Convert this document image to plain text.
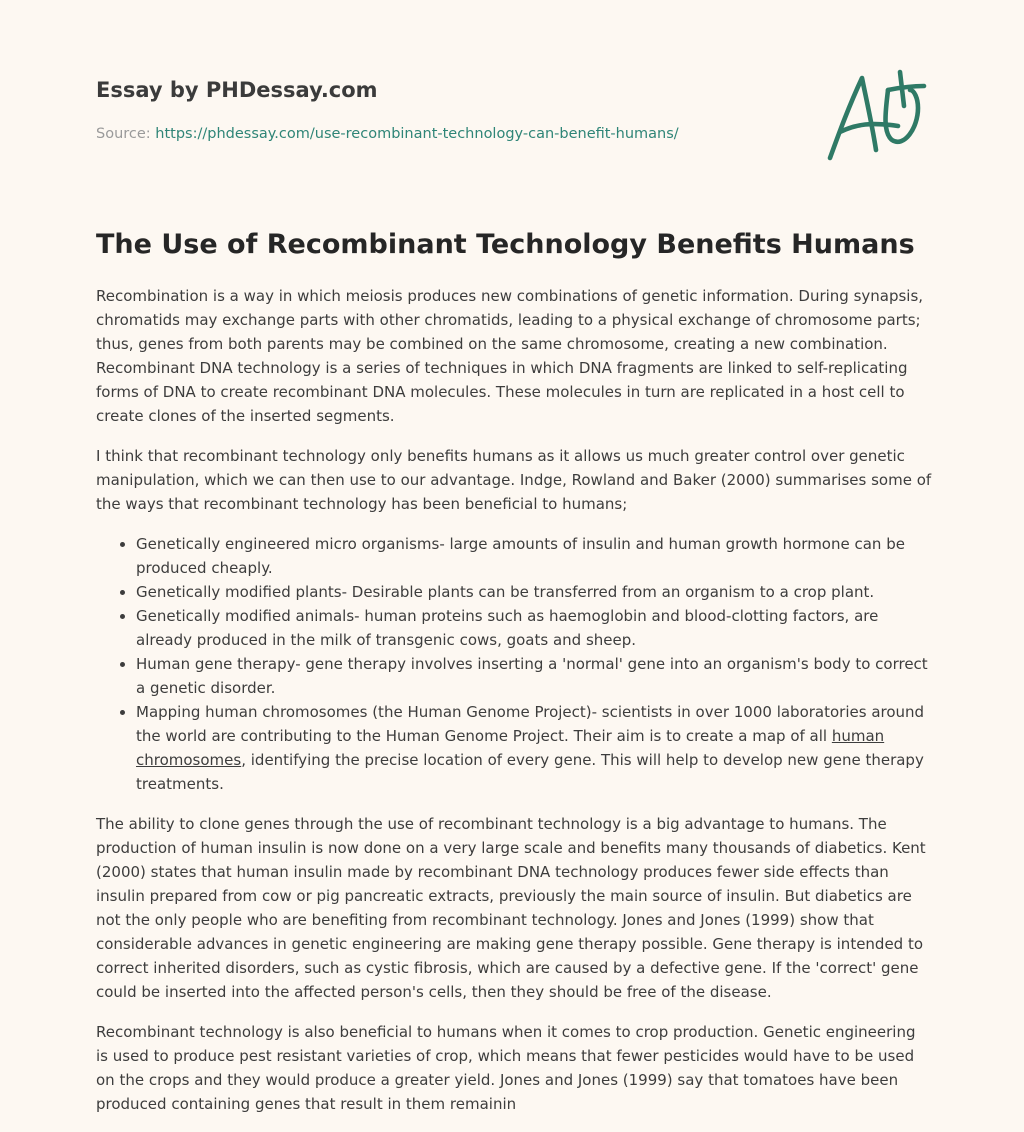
Essay by PHDessay.com
Source: https://phdessay.com/use-recombinant-technology-can-benefit-humans/
The Use of Recombinant Technology Benefits Humans

Recombination is a way in which meiosis produces new combinations of genetic information. During synapsis, chromatids may exchange parts with other chromatids, leading to a physical exchange of chromosome parts; thus, genes from both parents may be combined on the same chromosome, creating a new combination. Recombinant DNA technology is a series of techniques in which DNA fragments are linked to self-replicating forms of DNA to create recombinant DNA molecules. These molecules in turn are replicated in a host cell to create clones of the inserted segments.

I think that recombinant technology only benefits humans as it allows us much greater control over genetic manipulation, which we can then use to our advantage. Indge, Rowland and Baker (2000) summarises some of the ways that recombinant technology has been beneficial to humans;

• Genetically engineered micro organisms- large amounts of insulin and human growth hormone can be produced cheaply.
• Genetically modified plants- Desirable plants can be transferred from an organism to a crop plant.
• Genetically modified animals- human proteins such as haemoglobin and blood-clotting factors, are already produced in the milk of transgenic cows, goats and sheep.
• Human gene therapy- gene therapy involves inserting a 'normal' gene into an organism's body to correct a genetic disorder.
• Mapping human chromosomes (the Human Genome Project)- scientists in over 1000 laboratories around the world are contributing to the Human Genome Project. Their aim is to create a map of all human chromosomes, identifying the precise location of every gene. This will help to develop new gene therapy treatments.

The ability to clone genes through the use of recombinant technology is a big advantage to humans. The production of human insulin is now done on a very large scale and benefits many thousands of diabetics. Kent (2000) states that human insulin made by recombinant DNA technology produces fewer side effects than insulin prepared from cow or pig pancreatic extracts, previously the main source of insulin. But diabetics are not the only people who are benefiting from recombinant technology. Jones and Jones (1999) show that considerable advances in genetic engineering are making gene therapy possible. Gene therapy is intended to correct inherited disorders, such as cystic fibrosis, which are caused by a defective gene. If the 'correct' gene could be inserted into the affected person's cells, then they should be free of the disease.

Recombinant technology is also beneficial to humans when it comes to crop production. Genetic engineering is used to produce pest resistant varieties of crop, which means that fewer pesticides would have to be used on the crops and they would produce a greater yield. Jones and Jones (1999) say that tomatoes have been produced containing genes that result in them remainin
